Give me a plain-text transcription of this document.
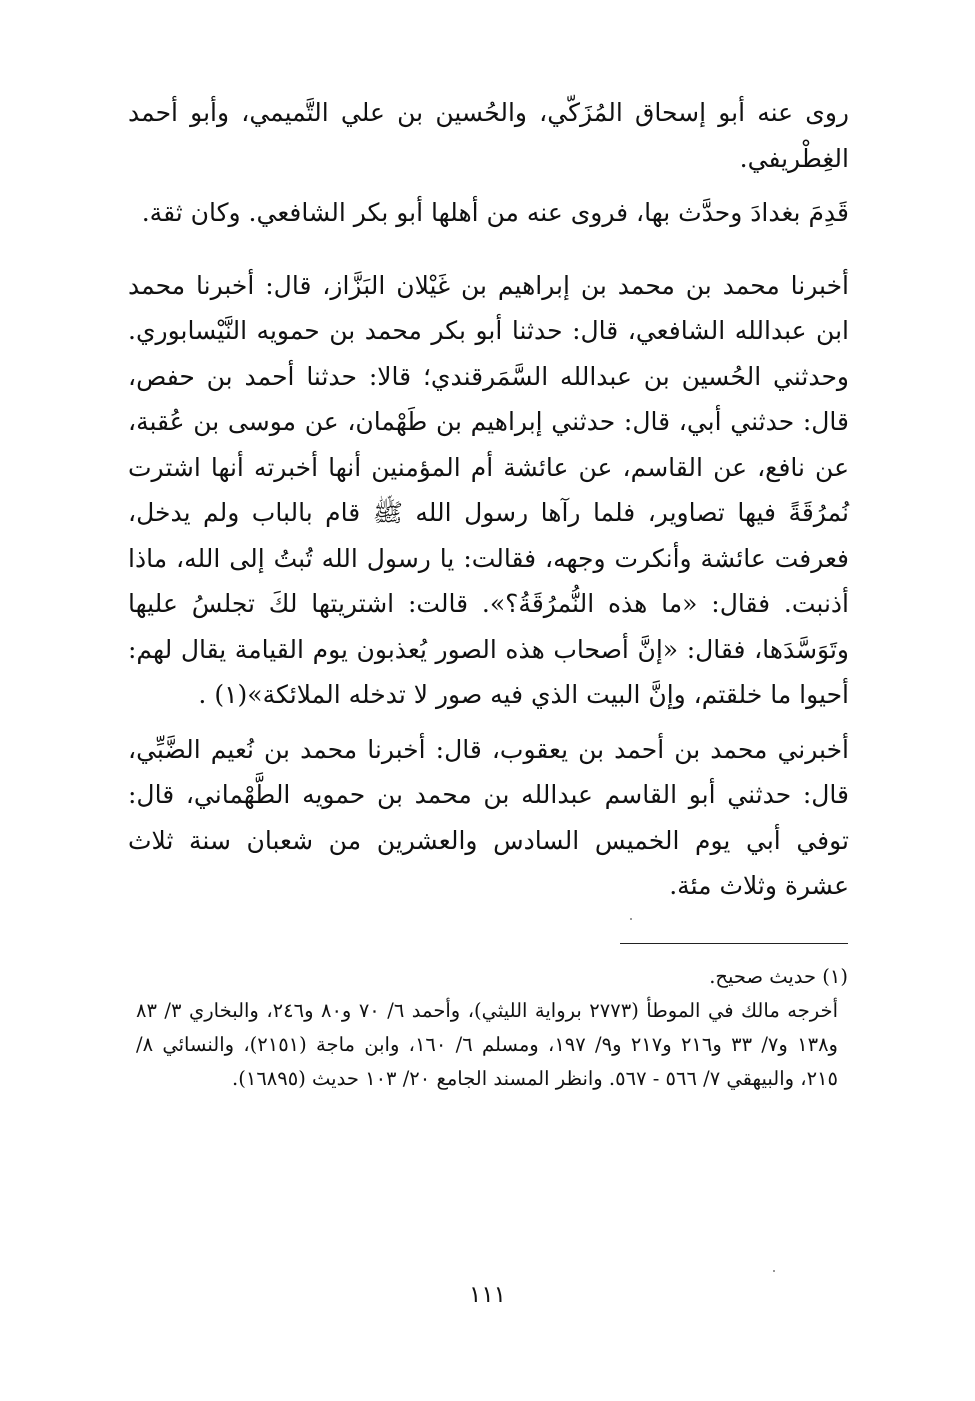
روى عنه أبو إسحاق المُزَكّي، والحُسين بن علي التَّميمي، وأبو أحمد الغِطْريفي.

قَدِمَ بغدادَ وحدَّث بها، فروى عنه من أهلها أبو بكر الشافعي. وكان ثقة.

أخبرنا محمد بن محمد بن إبراهيم بن غَيْلان البَزَّاز، قال: أخبرنا محمد ابن عبدالله الشافعي، قال: حدثنا أبو بكر محمد بن حمويه النَّيْسابوري. وحدثني الحُسين بن عبدالله السَّمَرقندي؛ قالا: حدثنا أحمد بن حفص، قال: حدثني أبي، قال: حدثني إبراهيم بن طَهْمان، عن موسى بن عُقبة، عن نافع، عن القاسم، عن عائشة أم المؤمنين أنها أخبرته أنها اشترت نُمرُقَةً فيها تصاوير، فلما رآها رسول الله ﷺ قام بالباب ولم يدخل، فعرفت عائشة وأنكرت وجهه، فقالت: يا رسول الله تُبتُ إلى الله، ماذا أذنبت. فقال: «ما هذه النُّمرُقَةُ؟». قالت: اشتريتها لكَ تجلسُ عليها وتَوَسَّدَها، فقال: «إنَّ أصحاب هذه الصور يُعذبون يوم القيامة يقال لهم: أحيوا ما خلقتم، وإنَّ البيت الذي فيه صور لا تدخله الملائكة»(١) .

أخبرني محمد بن أحمد بن يعقوب، قال: أخبرنا محمد بن نُعيم الضَّبِّي، قال: حدثني أبو القاسم عبدالله بن محمد بن حمويه الطَّهْماني، قال: توفي أبي يوم الخميس السادس والعشرين من شعبان سنة ثلاث عشرة وثلاث مئة.

(١) حديث صحيح.

أخرجه مالك في الموطأ (٢٧٧٣ برواية الليثي)، وأحمد ٦/ ٧٠ و٨٠ و٢٤٦، والبخاري ٣/ ٨٣ و١٣٨ و٧/ ٣٣ و٢١٦ و٢١٧ و٩/ ١٩٧، ومسلم ٦/ ١٦٠، وابن ماجة (٢١٥١)، والنسائي ٨/ ٢١٥، والبيهقي ٧/ ٥٦٦ - ٥٦٧. وانظر المسند الجامع ٢٠/ ١٠٣ حديث (١٦٨٩٥).

١١١
